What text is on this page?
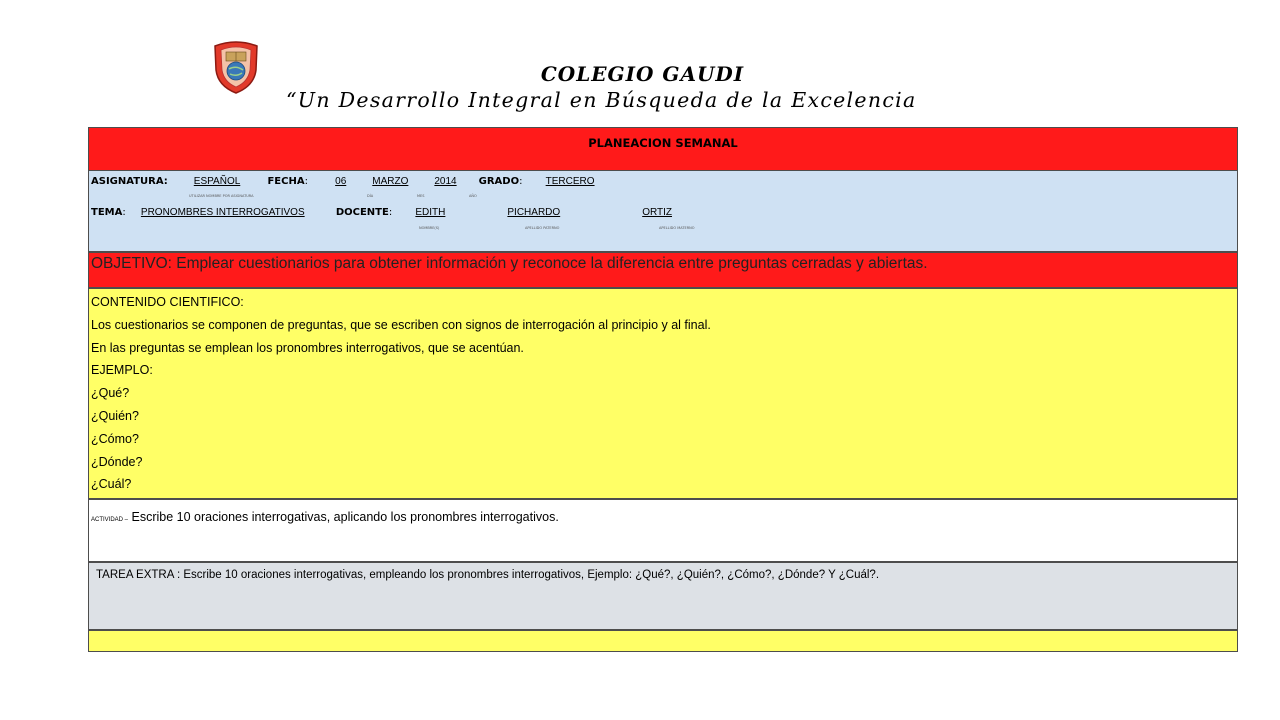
COLEGIO GAUDI
“Un Desarrollo Integral en Búsqueda de la Excelencia
PLANEACION SEMANAL
ASIGNATURA:	ESPAÑOL	FECHA: 06	MARZO	2014 GRADO: TERCERO
UTILIZAR NOMBRE POR ASIGNATURA	DÍA	MES	AÑO
TEMA: PRONOMBRES INTERROGATIVOS	DOCENTE: EDITH	PICHARDO	ORTIZ
NOMBRE(S)	APELLIDO PATERNO	APELLIDO MATERNO
OBJETIVO: Emplear cuestionarios para obtener información y reconoce la diferencia entre preguntas cerradas y abiertas.
CONTENIDO CIENTIFICO:
Los cuestionarios se componen de preguntas, que se escriben con signos de interrogación al principio y al final.
En las preguntas se emplean los pronombres interrogativos, que se acentúan.
EJEMPLO:
¿Qué?
¿Quién?
¿Cómo?
¿Dónde?
¿Cuál?
ACTIVIDAD – Escribe 10 oraciones interrogativas, aplicando los pronombres interrogativos.
TAREA EXTRA : Escribe 10 oraciones interrogativas, empleando los pronombres interrogativos, Ejemplo: ¿Qué?, ¿Quién?, ¿Cómo?, ¿Dónde? Y ¿Cuál?.
